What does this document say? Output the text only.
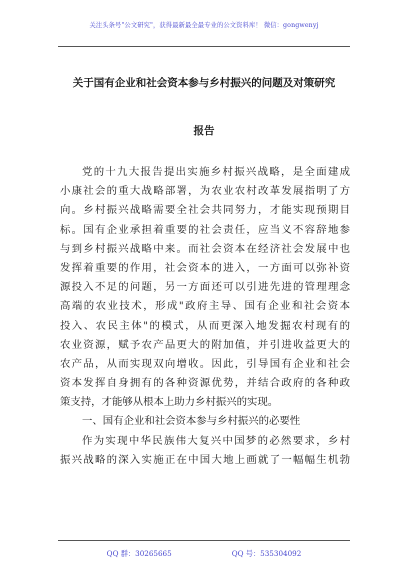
关注头条号"公文研究"，获得最新最全最专业的公文资料库！ 微信：gongwenyj
关于国有企业和社会资本参与乡村振兴的问题及对策研究
报告
党的十九大报告提出实施乡村振兴战略，是全面建成
小康社会的重大战略部署，为农业农村改革发展指明了方
向。乡村振兴战略需要全社会共同努力，才能实现预期目
标。国有企业承担着重要的社会责任，应当义不容辞地参
与到乡村振兴战略中来。而社会资本在经济社会发展中也
发挥着重要的作用，社会资本的进入，一方面可以弥补资
源投入不足的问题，另一方面还可以引进先进的管理理念
高端的农业技术，形成"政府主导、国有企业和社会资本
投入、农民主体"的模式，从而更深入地发掘农村现有的
农业资源，赋予农产品更大的附加值，并引进收益更大的
农产品，从而实现双向增收。因此，引导国有企业和社会
资本发挥自身拥有的各种资源优势，并结合政府的各种政
策支持，才能够从根本上助力乡村振兴的实现。
一、国有企业和社会资本参与乡村振兴的必要性
作为实现中华民族伟大复兴中国梦的必然要求，乡村
振兴战略的深入实施正在中国大地上画就了一幅幅生机勃
QQ 群：30265665	QQ 号：535304092
